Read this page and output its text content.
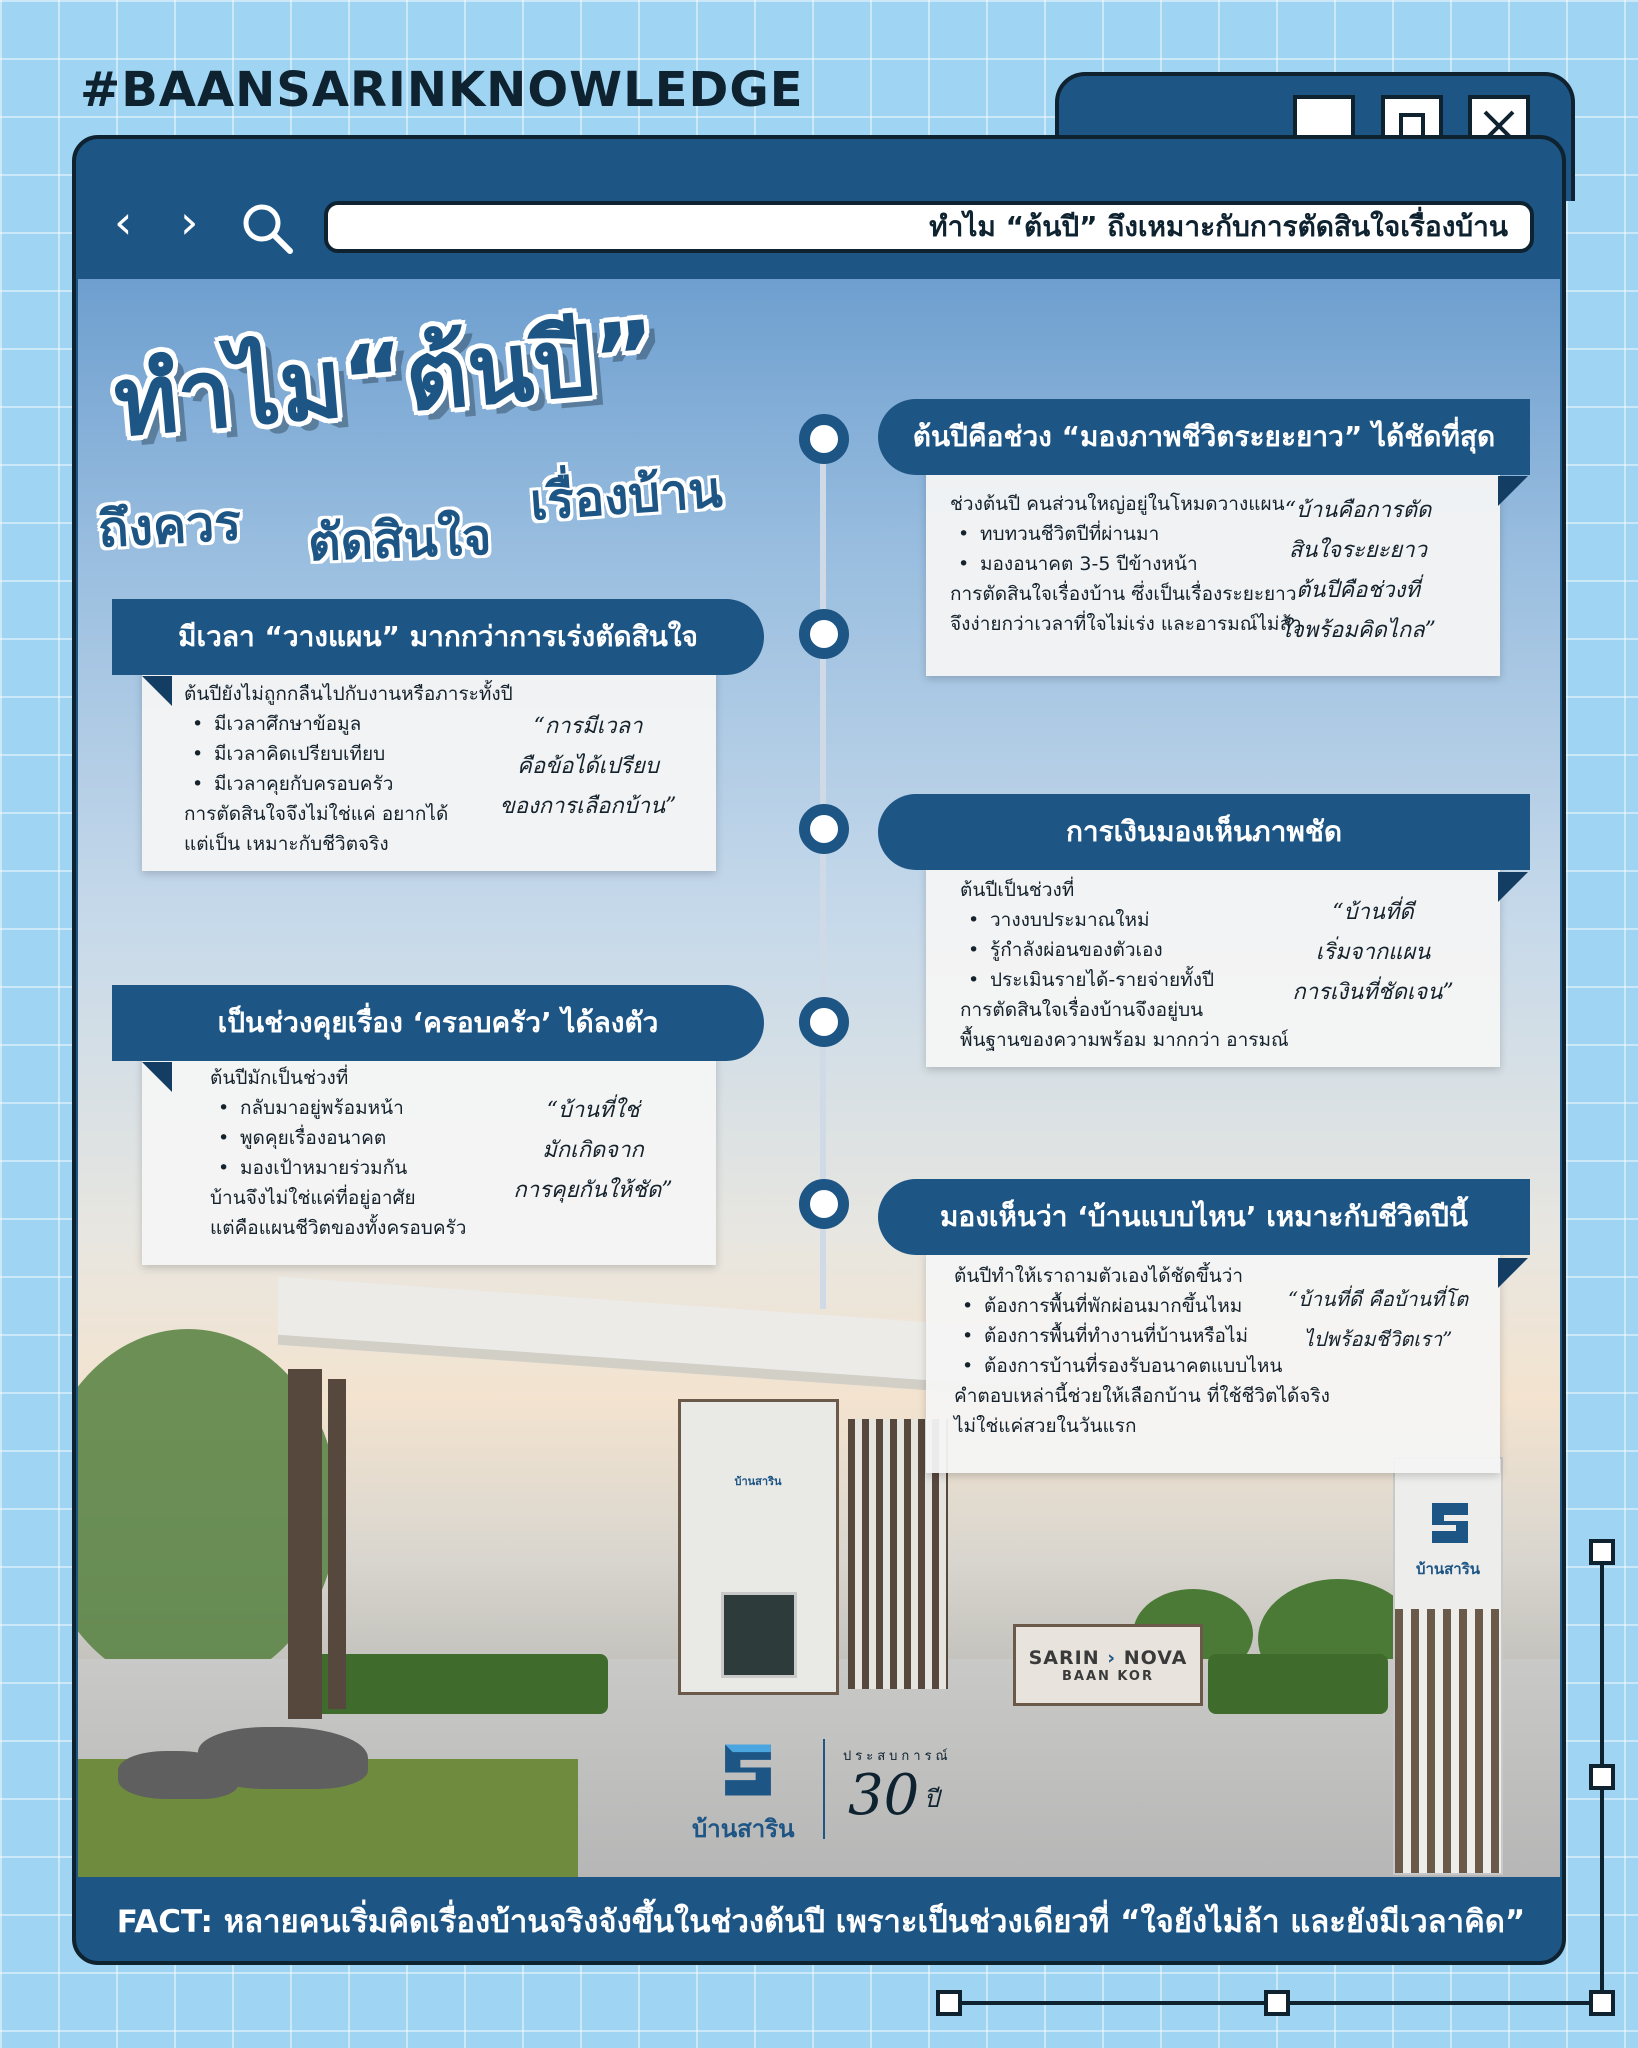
#BAANSARINKNOWLEDGE
‹ ›	ทำไม “ต้นปี” ถึงเหมาะกับการตัดสินใจเรื่องบ้าน
ทำไม“ต้นปี”
ถึงควร ตัดสินใจ
เรื่องบ้าน
ต้นปีคือช่วง “มองภาพชีวิตระยะยาว” ได้ชัดที่สุด
ช่วงต้นปี คนส่วนใหญ่อยู่ในโหมดวางแผน
• ทบทวนชีวิตปีที่ผ่านมา
• มองอนาคต 3-5 ปีข้างหน้า
การตัดสินใจเรื่องบ้าน ซึ่งเป็นเรื่องระยะยาว
จึงง่ายกว่าเวลาที่ใจไม่เร่ง และอารมณ์ไม่ล้า
“บ้านคือการตัด
สินใจระยะยาว
ต้นปีคือช่วงที่
ใจพร้อมคิดไกล”
มีเวลา “วางแผน” มากกว่าการเร่งตัดสินใจ
ต้นปียังไม่ถูกกลืนไปกับงานหรือภาระทั้งปี
• มีเวลาศึกษาข้อมูล
• มีเวลาคิดเปรียบเทียบ
• มีเวลาคุยกับครอบครัว
การตัดสินใจจึงไม่ใช่แค่ อยากได้
แต่เป็น เหมาะกับชีวิตจริง
“การมีเวลา
คือข้อได้เปรียบ
ของการเลือกบ้าน”
การเงินมองเห็นภาพชัด
ต้นปีเป็นช่วงที่
• วางงบประมาณใหม่
• รู้กำลังผ่อนของตัวเอง
• ประเมินรายได้-รายจ่ายทั้งปี
การตัดสินใจเรื่องบ้านจึงอยู่บน
พื้นฐานของความพร้อม มากกว่า อารมณ์
“บ้านที่ดี
เริ่มจากแผน
การเงินที่ชัดเจน”
เป็นช่วงคุยเรื่อง ‘ครอบครัว’ ได้ลงตัว
ต้นปีมักเป็นช่วงที่
• กลับมาอยู่พร้อมหน้า
• พูดคุยเรื่องอนาคต
• มองเป้าหมายร่วมกัน
บ้านจึงไม่ใช่แค่ที่อยู่อาศัย
แต่คือแผนชีวิตของทั้งครอบครัว
“บ้านที่ใช่
มักเกิดจาก
การคุยกันให้ชัด”
บ้านสาริน
SARIN › NOVA
BAAN KOR
บ้านสาริน
มองเห็นว่า ‘บ้านแบบไหน’ เหมาะกับชีวิตปีนี้
ต้นปีทำให้เราถามตัวเองได้ชัดขึ้นว่า
• ต้องการพื้นที่พักผ่อนมากขึ้นไหม
• ต้องการพื้นที่ทำงานที่บ้านหรือไม่
• ต้องการบ้านที่รองรับอนาคตแบบไหน
คำตอบเหล่านี้ช่วยให้เลือกบ้าน ที่ใช้ชีวิตได้จริง
ไม่ใช่แค่สวยในวันแรก
“บ้านที่ดี คือบ้านที่โต
ไปพร้อมชีวิตเรา”
บ้านสาริน
ประสบการณ์
30 ปี
FACT: หลายคนเริ่มคิดเรื่องบ้านจริงจังขึ้นในช่วงต้นปี เพราะเป็นช่วงเดียวที่ “ใจยังไม่ล้า และยังมีเวลาคิด”
